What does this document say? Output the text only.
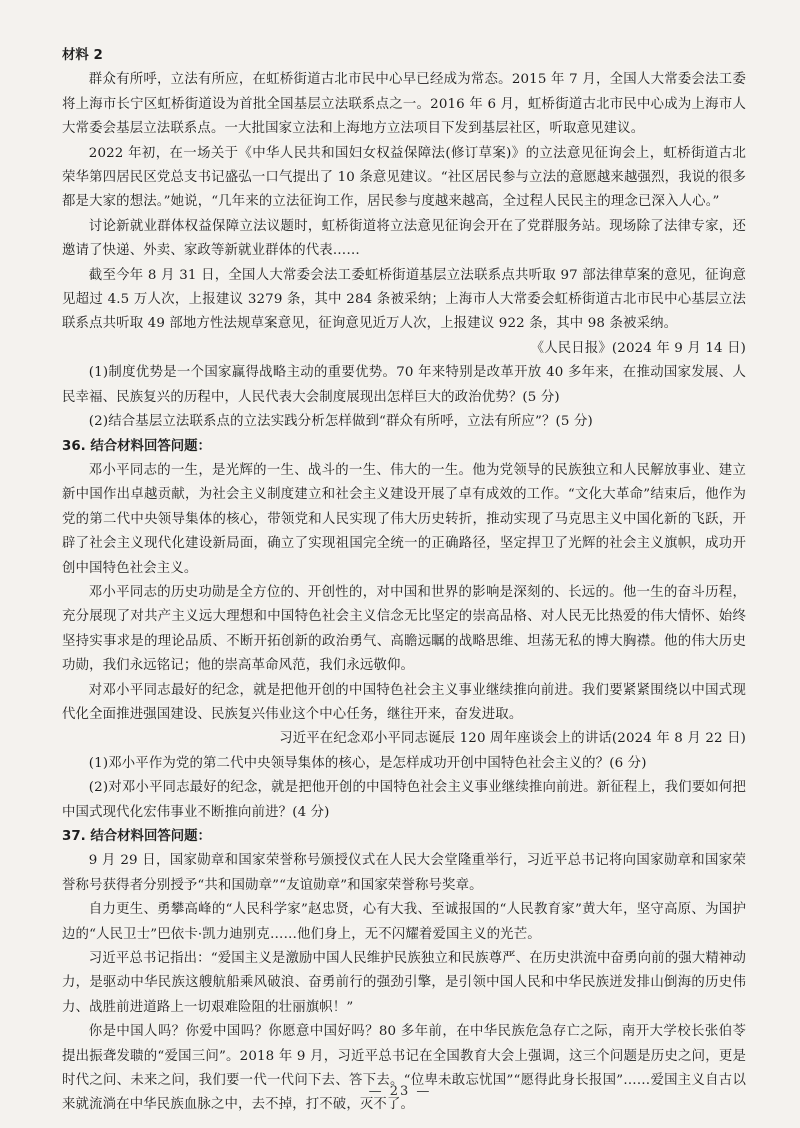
材料 2

群众有所呼，立法有所应，在虹桥街道古北市民中心早已经成为常态。2015 年 7 月，全国人大常委会法工委将上海市长宁区虹桥街道设为首批全国基层立法联系点之一。2016 年 6 月，虹桥街道古北市民中心成为上海市人大常委会基层立法联系点。一大批国家立法和上海地方立法项目下发到基层社区，听取意见建议。

2022 年初，在一场关于《中华人民共和国妇女权益保障法(修订草案)》的立法意见征询会上，虹桥街道古北荣华第四居民区党总支书记盛弘一口气提出了 10 条意见建议。“社区居民参与立法的意愿越来越强烈，我说的很多都是大家的想法。”她说，“几年来的立法征询工作，居民参与度越来越高，全过程人民民主的理念已深入人心。”

讨论新就业群体权益保障立法议题时，虹桥街道将立法意见征询会开在了党群服务站。现场除了法律专家，还邀请了快递、外卖、家政等新就业群体的代表……

截至今年 8 月 31 日，全国人大常委会法工委虹桥街道基层立法联系点共听取 97 部法律草案的意见，征询意见超过 4.5 万人次，上报建议 3279 条，其中 284 条被采纳；上海市人大常委会虹桥街道古北市民中心基层立法联系点共听取 49 部地方性法规草案意见，征询意见近万人次，上报建议 922 条，其中 98 条被采纳。

《人民日报》(2024 年 9 月 14 日)

(1)制度优势是一个国家赢得战略主动的重要优势。70 年来特别是改革开放 40 多年来，在推动国家发展、人民幸福、民族复兴的历程中，人民代表大会制度展现出怎样巨大的政治优势？(5 分)

(2)结合基层立法联系点的立法实践分析怎样做到“群众有所呼，立法有所应”？(5 分)

36. 结合材料回答问题：

邓小平同志的一生，是光辉的一生、战斗的一生、伟大的一生。他为党领导的民族独立和人民解放事业、建立新中国作出卓越贡献，为社会主义制度建立和社会主义建设开展了卓有成效的工作。“文化大革命”结束后，他作为党的第二代中央领导集体的核心，带领党和人民实现了伟大历史转折，推动实现了马克思主义中国化新的飞跃，开辟了社会主义现代化建设新局面，确立了实现祖国完全统一的正确路径，坚定捍卫了光辉的社会主义旗帜，成功开创中国特色社会主义。

邓小平同志的历史功勋是全方位的、开创性的，对中国和世界的影响是深刻的、长远的。他一生的奋斗历程，充分展现了对共产主义远大理想和中国特色社会主义信念无比坚定的崇高品格、对人民无比热爱的伟大情怀、始终坚持实事求是的理论品质、不断开拓创新的政治勇气、高瞻远瞩的战略思维、坦荡无私的博大胸襟。他的伟大历史功勋，我们永远铭记；他的崇高革命风范，我们永远敬仰。

对邓小平同志最好的纪念，就是把他开创的中国特色社会主义事业继续推向前进。我们要紧紧围绕以中国式现代化全面推进强国建设、民族复兴伟业这个中心任务，继往开来，奋发进取。

习近平在纪念邓小平同志诞辰 120 周年座谈会上的讲话(2024 年 8 月 22 日)

(1)邓小平作为党的第二代中央领导集体的核心，是怎样成功开创中国特色社会主义的？(6 分)

(2)对邓小平同志最好的纪念，就是把他开创的中国特色社会主义事业继续推向前进。新征程上，我们要如何把中国式现代化宏伟事业不断推向前进？(4 分)

37. 结合材料回答问题：

9 月 29 日，国家勋章和国家荣誉称号颁授仪式在人民大会堂隆重举行，习近平总书记将向国家勋章和国家荣誉称号获得者分别授予“共和国勋章”“友谊勋章”和国家荣誉称号奖章。

自力更生、勇攀高峰的“人民科学家”赵忠贤，心有大我、至诚报国的“人民教育家”黄大年，坚守高原、为国护边的“人民卫士”巴依卡·凯力迪别克……他们身上，无不闪耀着爱国主义的光芒。

习近平总书记指出：“爱国主义是激励中国人民维护民族独立和民族尊严、在历史洪流中奋勇向前的强大精神动力，是驱动中华民族这艘航船乘风破浪、奋勇前行的强劲引擎，是引领中国人民和中华民族迸发排山倒海的历史伟力、战胜前进道路上一切艰难险阻的壮丽旗帜！”

你是中国人吗？你爱中国吗？你愿意中国好吗？80 多年前，在中华民族危急存亡之际，南开大学校长张伯苓提出振聋发聩的“爱国三问”。2018 年 9 月，习近平总书记在全国教育大会上强调，这三个问题是历史之问，更是时代之问、未来之问，我们要一代一代问下去、答下去。“位卑未敢忘忧国”“愿得此身长报国”……爱国主义自古以来就流淌在中华民族血脉之中，去不掉，打不破，灭不了。

— 23 —
